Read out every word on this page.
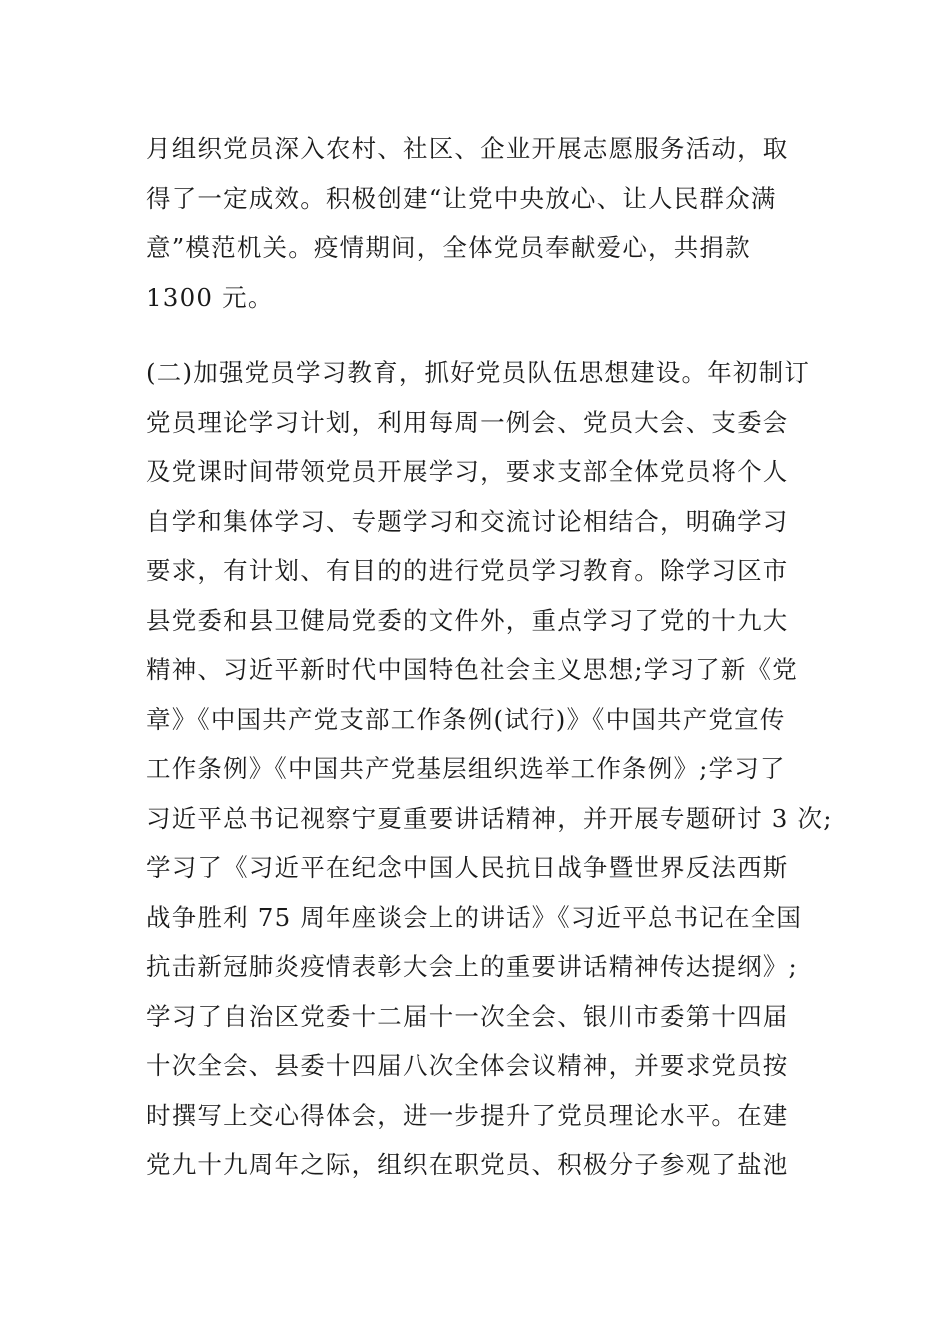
月组织党员深入农村、社区、企业开展志愿服务活动，取
得了一定成效。积极创建“让党中央放心、让人民群众满
意”模范机关。疫情期间，全体党员奉献爱心，共捐款
1300 元。
(二)加强党员学习教育，抓好党员队伍思想建设。年初制订
党员理论学习计划，利用每周一例会、党员大会、支委会
及党课时间带领党员开展学习，要求支部全体党员将个人
自学和集体学习、专题学习和交流讨论相结合，明确学习
要求，有计划、有目的的进行党员学习教育。除学习区市
县党委和县卫健局党委的文件外，重点学习了党的十九大
精神、习近平新时代中国特色社会主义思想;学习了新《党
章》《中国共产党支部工作条例(试行)》《中国共产党宣传
工作条例》《中国共产党基层组织选举工作条例》;学习了
习近平总书记视察宁夏重要讲话精神，并开展专题研讨 3 次;
学习了《习近平在纪念中国人民抗日战争暨世界反法西斯
战争胜利 75 周年座谈会上的讲话》《习近平总书记在全国
抗击新冠肺炎疫情表彰大会上的重要讲话精神传达提纲》;
学习了自治区党委十二届十一次全会、银川市委第十四届
十次全会、县委十四届八次全体会议精神，并要求党员按
时撰写上交心得体会，进一步提升了党员理论水平。在建
党九十九周年之际，组织在职党员、积极分子参观了盐池
